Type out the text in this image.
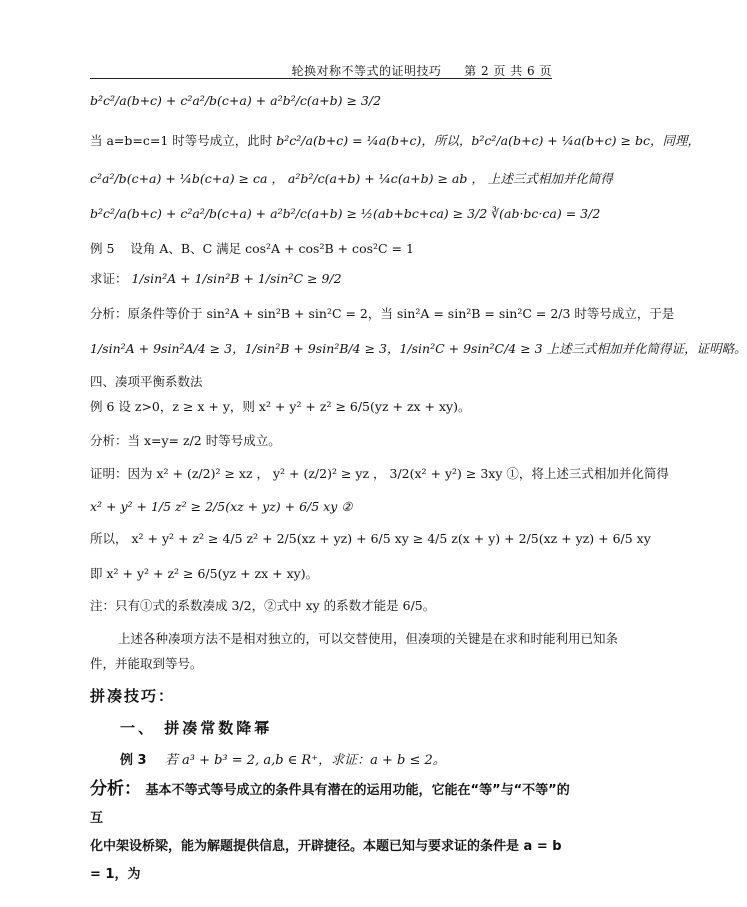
轮换对称不等式的证明技巧 第 2 页 共 6 页
b²c²/a(b+c) + c²a²/b(c+a) + a²b²/c(a+b) ≥ 3/2
当 a=b=c=1 时等号成立，此时 b²c²/a(b+c) = ¼a(b+c)，所以，b²c²/a(b+c) + ¼a(b+c) ≥ bc，同理，
c²a²/b(c+a) + ¼b(c+a) ≥ ca ， a²b²/c(a+b) + ¼c(a+b) ≥ ab ， 上述三式相加并化简得
b²c²/a(b+c) + c²a²/b(c+a) + a²b²/c(a+b) ≥ ½(ab+bc+ca) ≥ 3/2 ∛(ab·bc·ca) = 3/2
例 5 设角 A、B、C 满足 cos²A + cos²B + cos²C = 1
求证： 1/sin²A + 1/sin²B + 1/sin²C ≥ 9/2
分析：原条件等价于 sin²A + sin²B + sin²C = 2，当 sin²A = sin²B = sin²C = 2/3 时等号成立，于是
1/sin²A + 9sin²A/4 ≥ 3，1/sin²B + 9sin²B/4 ≥ 3，1/sin²C + 9sin²C/4 ≥ 3 上述三式相加并化简得证，证明略。
四、凑项平衡系数法
例 6 设 z>0，z ≥ x + y，则 x² + y² + z² ≥ 6/5(yz + zx + xy)。
分析：当 x=y= z/2 时等号成立。
证明：因为 x² + (z/2)² ≥ xz ， y² + (z/2)² ≥ yz ， 3/2(x² + y²) ≥ 3xy ①，将上述三式相加并化简得
x² + y² + 1/5 z² ≥ 2/5(xz + yz) + 6/5 xy ②
所以， x² + y² + z² ≥ 4/5 z² + 2/5(xz + yz) + 6/5 xy ≥ 4/5 z(x + y) + 2/5(xz + yz) + 6/5 xy
即 x² + y² + z² ≥ 6/5(yz + zx + xy)。
注：只有①式的系数凑成 3/2，②式中 xy 的系数才能是 6/5。
上述各种凑项方法不是相对独立的，可以交替使用，但凑项的关键是在求和时能利用已知条
件，并能取到等号。
拼凑技巧：
一、 拼凑常数降幂
例 3 若 a³ + b³ = 2, a,b ∈ R⁺，求证：a + b ≤ 2。
分析： 基本不等式等号成立的条件具有潜在的运用功能，它能在“等”与“不等”的互
化中架设桥梁，能为解题提供信息，开辟捷径。本题已知与要求证的条件是 a = b = 1，为
